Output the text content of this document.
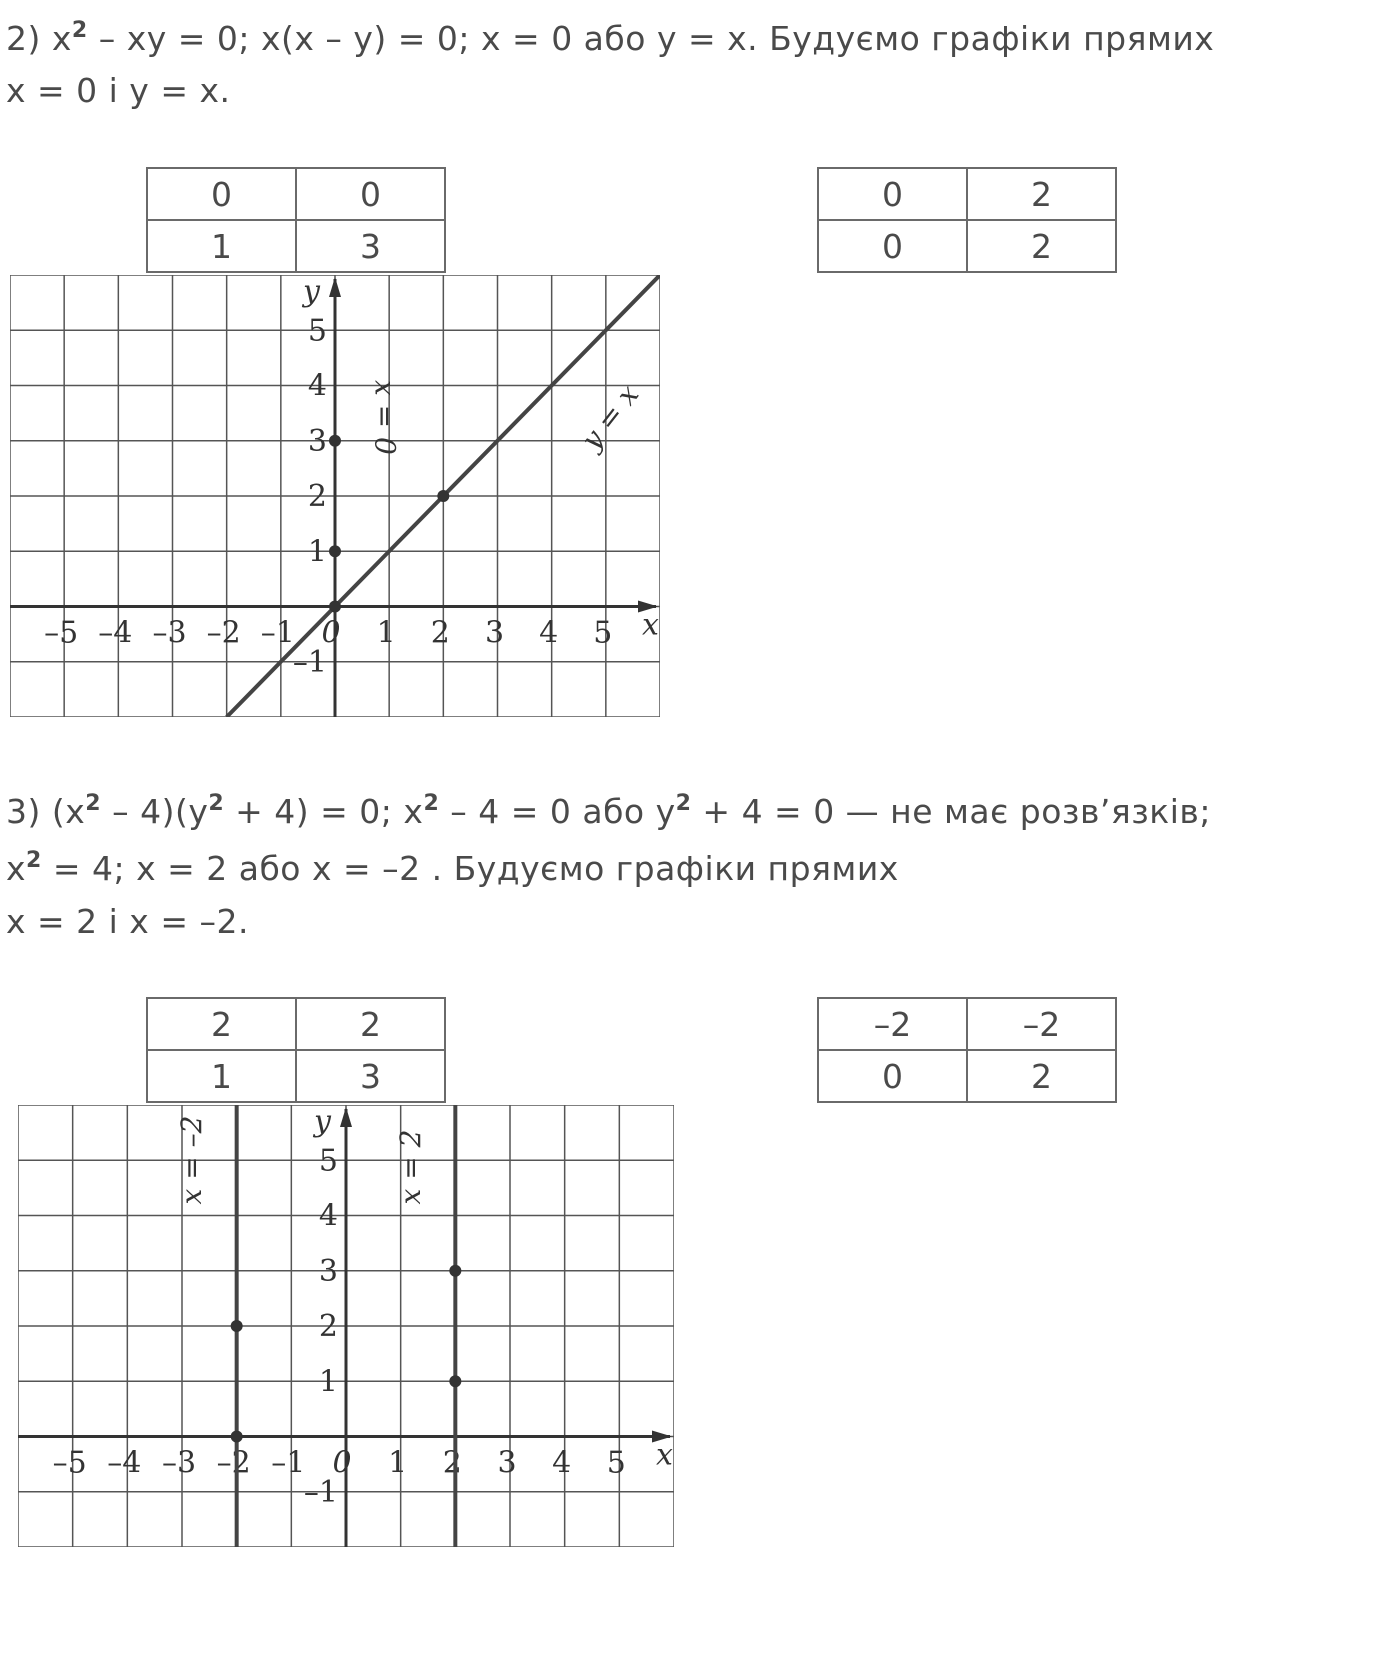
2) $x^2$ – xy = 0; x(x – y) = 0; x = 0 або y = x. Будуємо графіки прямих
x = 0 і y = x.
0	0
1	3
0	2
0	2
–5 –4 –3 –2 –1	1 2 3 4 5
5
4
3
2
1
–1
0	x
y
x = 0	y = x
3) $(x^2 - 4)(y^2 + 4) = 0$; $x^2 - 4 = 0$ або $y^2 + 4 = 0$ — не має розв’язків;
$x^2 = 4$; x = 2 або x = –2 . Будуємо графіки прямих
x = 2 і x = –2.
2	2
1	3
–2	–2
0	2
–5 –4 –3 –2 –1	1 2 3 4 5
5
4
3
2
1
–1
0	x
y
x = –2	x = 2
